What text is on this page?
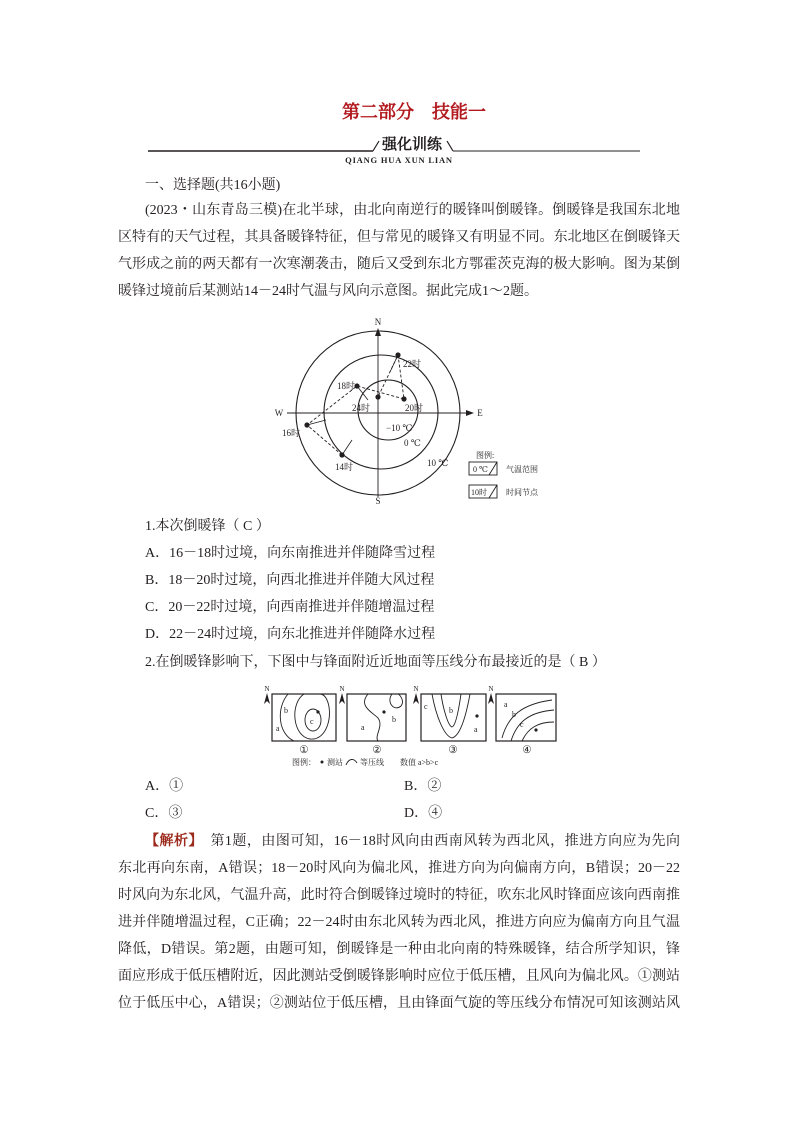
第二部分　技能一
强化训练
QIANG HUA XUN LIAN
一、选择题(共16小题)
(2023・山东青岛三模)在北半球，由北向南逆行的暖锋叫倒暖锋。倒暖锋是我国东北地
区特有的天气过程，其具备暖锋特征，但与常见的暖锋又有明显不同。东北地区在倒暖锋天
气形成之前的两天都有一次寒潮袭击，随后又受到东北方鄂霍茨克海的极大影响。图为某倒
暖锋过境前后某测站14－24时气温与风向示意图。据此完成1～2题。
N
S
W	E
14时
16时
18时
20时
22时
24时
−10 ℃
0 ℃
10 ℃
图例:
0 ℃ 气温范围
10时 时间节点
1.本次倒暖锋（ C ）
A．16－18时过境，向东南推进并伴随降雪过程
B．18－20时过境，向西北推进并伴随大风过程
C．20－22时过境，向西南推进并伴随增温过程
D．22－24时过境，向东北推进并伴随降水过程
2.在倒暖锋影响下，下图中与锋面附近近地面等压线分布最接近的是（ B ）
N	N	N	N
b
c
a
b
a
c	b
a
a
b
c
①	②	③	④
图例： 测站 等压线 数值 a>b>c
A．①	B．②
C．③	D．④
【解析】　第1题，由图可知，16－18时风向由西南风转为西北风，推进方向应为先向
东北再向东南，A错误；18－20时风向为偏北风，推进方向为向偏南方向，B错误；20－22
时风向为东北风，气温升高，此时符合倒暖锋过境时的特征，吹东北风时锋面应该向西南推
进并伴随增温过程，C正确；22－24时由东北风转为西北风，推进方向应为偏南方向且气温
降低，D错误。第2题，由题可知，倒暖锋是一种由北向南的特殊暖锋，结合所学知识，锋
面应形成于低压槽附近，因此测站受倒暖锋影响时应位于低压槽，且风向为偏北风。①测站
位于低压中心，A错误；②测站位于低压槽，且由锋面气旋的等压线分布情况可知该测站风
